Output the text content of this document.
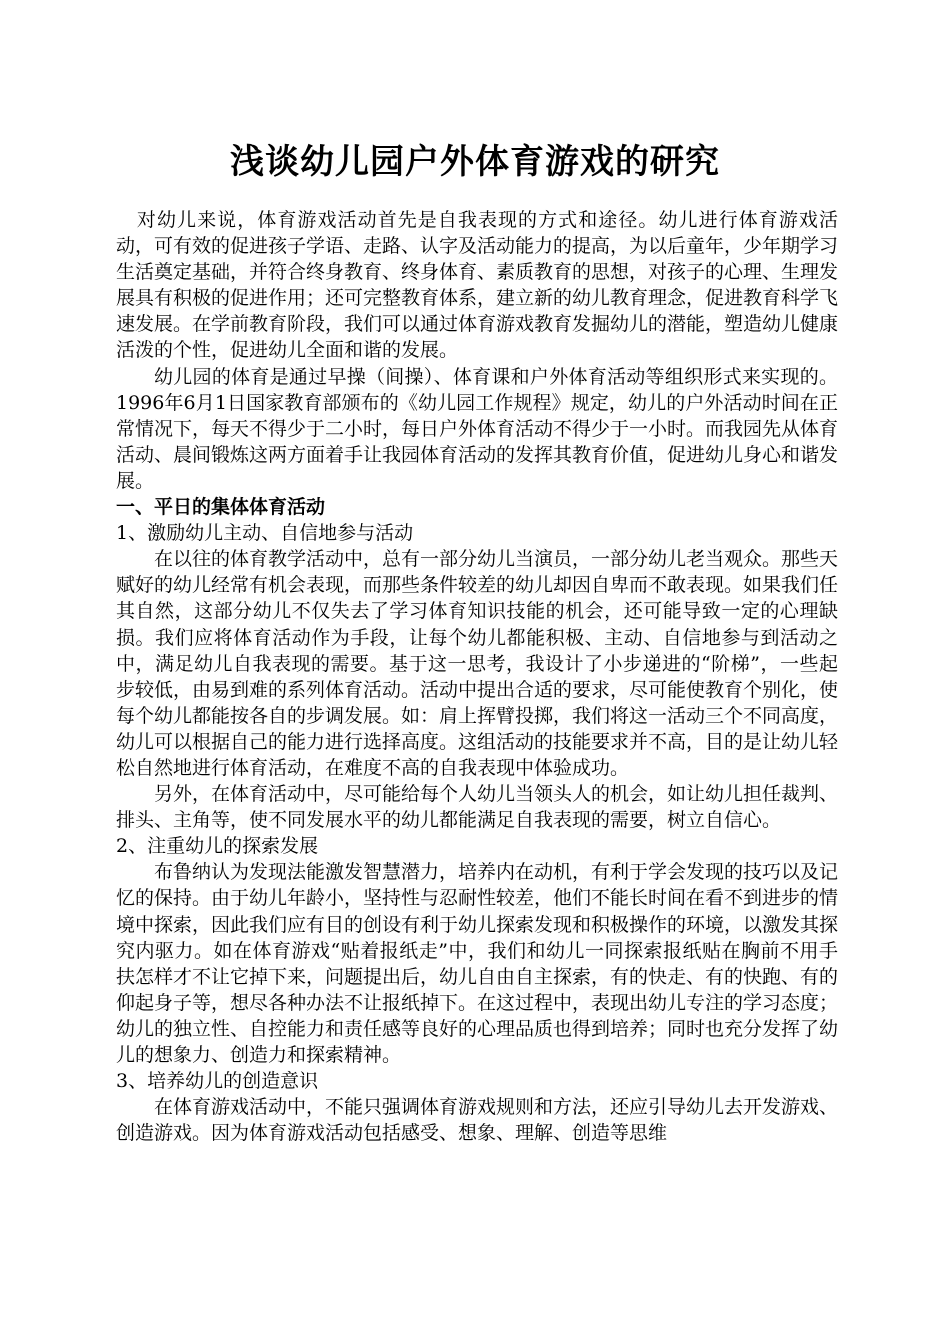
浅谈幼儿园户外体育游戏的研究

对幼儿来说，体育游戏活动首先是自我表现的方式和途径。幼儿进行体育游戏活动，可有效的促进孩子学语、走路、认字及活动能力的提高，为以后童年，少年期学习生活奠定基础，并符合终身教育、终身体育、素质教育的思想，对孩子的心理、生理发展具有积极的促进作用；还可完整教育体系，建立新的幼儿教育理念，促进教育科学飞速发展。在学前教育阶段，我们可以通过体育游戏教育发掘幼儿的潜能，塑造幼儿健康活泼的个性，促进幼儿全面和谐的发展。

幼儿园的体育是通过早操（间操）、体育课和户外体育活动等组织形式来实现的。1996年6月1日国家教育部颁布的《幼儿园工作规程》规定，幼儿的户外活动时间在正常情况下，每天不得少于二小时，每日户外体育活动不得少于一小时。而我园先从体育活动、晨间锻炼这两方面着手让我园体育活动的发挥其教育价值，促进幼儿身心和谐发展。

一、平日的集体体育活动

1、激励幼儿主动、自信地参与活动

在以往的体育教学活动中，总有一部分幼儿当演员，一部分幼儿老当观众。那些天赋好的幼儿经常有机会表现，而那些条件较差的幼儿却因自卑而不敢表现。如果我们任其自然，这部分幼儿不仅失去了学习体育知识技能的机会，还可能导致一定的心理缺损。我们应将体育活动作为手段，让每个幼儿都能积极、主动、自信地参与到活动之中，满足幼儿自我表现的需要。基于这一思考，我设计了小步递进的“阶梯”，一些起步较低，由易到难的系列体育活动。活动中提出合适的要求，尽可能使教育个别化，使每个幼儿都能按各自的步调发展。如：肩上挥臂投掷，我们将这一活动三个不同高度，幼儿可以根据自己的能力进行选择高度。这组活动的技能要求并不高，目的是让幼儿轻松自然地进行体育活动，在难度不高的自我表现中体验成功。

另外，在体育活动中，尽可能给每个人幼儿当领头人的机会，如让幼儿担任裁判、排头、主角等，使不同发展水平的幼儿都能满足自我表现的需要，树立自信心。

2、注重幼儿的探索发展

布鲁纳认为发现法能激发智慧潜力，培养内在动机，有利于学会发现的技巧以及记忆的保持。由于幼儿年龄小，坚持性与忍耐性较差，他们不能长时间在看不到进步的情境中探索，因此我们应有目的创设有利于幼儿探索发现和积极操作的环境，以激发其探究内驱力。如在体育游戏“贴着报纸走”中，我们和幼儿一同探索报纸贴在胸前不用手扶怎样才不让它掉下来，问题提出后，幼儿自由自主探索，有的快走、有的快跑、有的仰起身子等，想尽各种办法不让报纸掉下。在这过程中，表现出幼儿专注的学习态度；幼儿的独立性、自控能力和责任感等良好的心理品质也得到培养；同时也充分发挥了幼儿的想象力、创造力和探索精神。

3、培养幼儿的创造意识

在体育游戏活动中，不能只强调体育游戏规则和方法，还应引导幼儿去开发游戏、创造游戏。因为体育游戏活动包括感受、想象、理解、创造等思维
